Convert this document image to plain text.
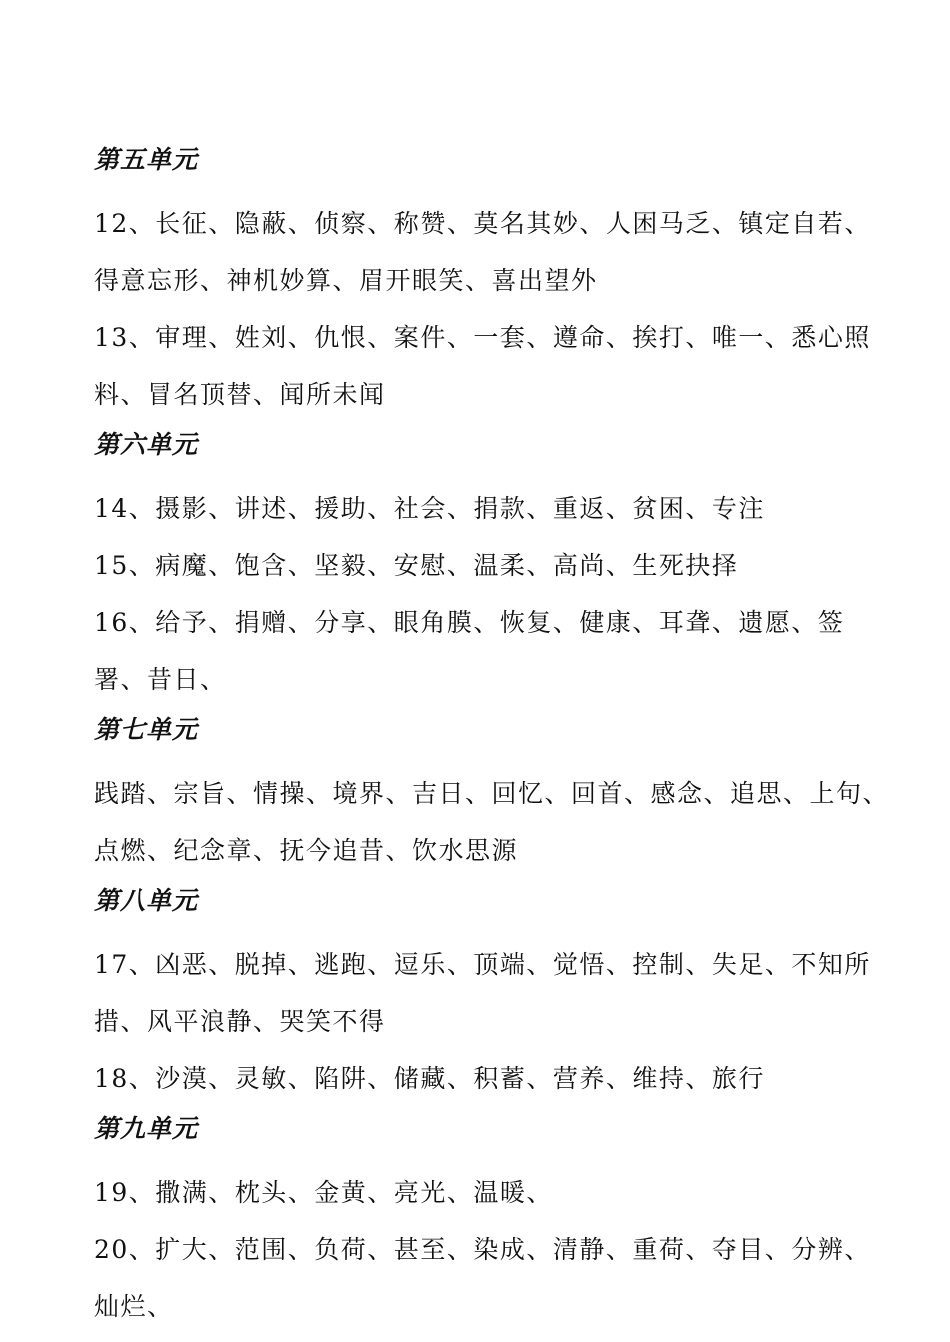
第五单元

12、长征、隐蔽、侦察、称赞、莫名其妙、人困马乏、镇定自若、得意忘形、神机妙算、眉开眼笑、喜出望外

13、审理、姓刘、仇恨、案件、一套、遵命、挨打、唯一、悉心照料、冒名顶替、闻所未闻

第六单元

14、摄影、讲述、援助、社会、捐款、重返、贫困、专注

15、病魔、饱含、坚毅、安慰、温柔、高尚、生死抉择

16、给予、捐赠、分享、眼角膜、恢复、健康、耳聋、遗愿、签署、昔日、

第七单元

践踏、宗旨、情操、境界、吉日、回忆、回首、感念、追思、上句、点燃、纪念章、抚今追昔、饮水思源

第八单元

17、凶恶、脱掉、逃跑、逗乐、顶端、觉悟、控制、失足、不知所措、风平浪静、哭笑不得

18、沙漠、灵敏、陷阱、储藏、积蓄、营养、维持、旅行

第九单元

19、撒满、枕头、金黄、亮光、温暖、

20、扩大、范围、负荷、甚至、染成、清静、重荷、夺目、分辨、灿烂、
